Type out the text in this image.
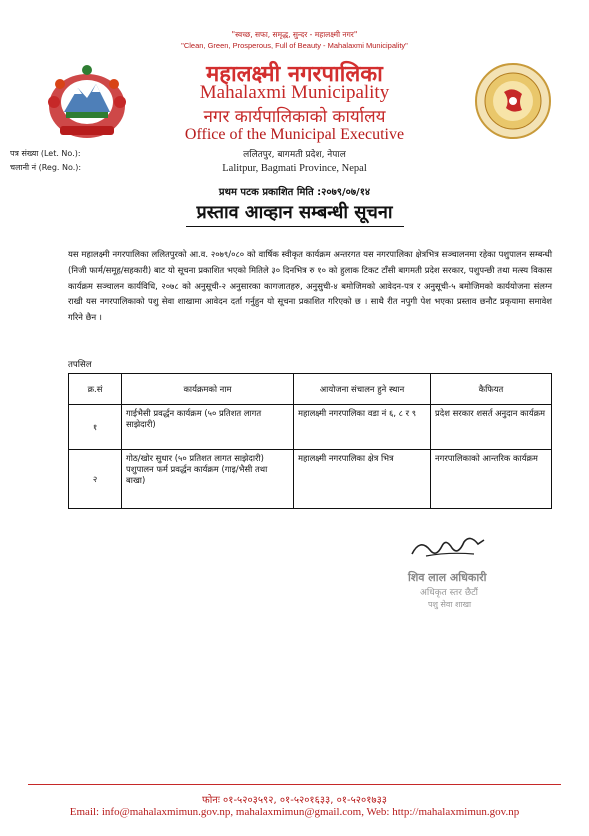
"स्वच्छ, सफा, समृद्ध, सुन्दर - महालक्ष्मी नगर"
"Clean, Green, Prosperous, Full of Beauty - Mahalaxmi Municipality"
महालक्ष्मी नगरपालिका
Mahalaxmi Municipality
नगर कार्यपालिकाको कार्यालय
Office of the Municipal Executive
ललितपुर, बागमती प्रदेश, नेपाल
Lalitpur, Bagmati Province, Nepal
पत्र संख्या (Let. No.):
चलानी नं (Reg. No.):
प्रथम पटक प्रकाशित मिति :२०७९/०७/१४
प्रस्ताव आव्हान सम्बन्धी सूचना
यस महालक्ष्मी नगरपालिका ललितपुरको आ.व. २०७९/०८० को वार्षिक स्वीकृत कार्यक्रम अन्तरगत यस नगरपालिका क्षेत्रभित्र सञ्चालनमा रहेका पशुपालन सम्बन्धी (निजी फार्म/समूह/सहकारी) बाट यो सूचना प्रकाशित भएको मितिले ३० दिनभित्र रु १० को हुलाक टिकट टाँसी बागमती प्रदेश सरकार, पशुपन्छी तथा मत्स्य विकास कार्यक्रम सञ्चालन कार्यविधि, २०७८ को अनुसूची-२ अनुसारका कागजातहरु, अनुसुची-४ बमोजिमको आवेदन-पत्र र अनुसूची-५ बमोजिमको कार्ययोजना संलग्न राखी यस नगरपालिकाको पशु सेवा शाखामा आवेदन दर्ता गर्नुहुन यो सूचना प्रकाशित गरिएको छ । साथै रीत नपुगी पेश भएका प्रस्ताव छनौट प्रकृयामा समावेश गरिने छैन ।
तपसिल
क्र.सं	कार्यक्रमको नाम	आयोजना संचालन हुने स्थान	कैफियत
१	गाईभैसी प्रवर्द्धन कार्यक्रम (५० प्रतिशत लागत साझेदारी)	महालक्ष्मी नगरपालिका वडा नं ६, ८ र ९	प्रदेश सरकार शसर्त अनुदान कार्यक्रम
२	गोठ/खोर सुधार (५० प्रतिशत लागत साझेदारी)
पशुपालन फर्म प्रवर्द्धन कार्यक्रम (गाइ/भैसी तथा बाखा)	महालक्ष्मी नगरपालिका क्षेत्र भित्र	नगरपालिकाको आन्तरिक कार्यक्रम
शिव लाल अधिकारी
अधिकृत स्तर छैटौं
पशु सेवा शाखा
फोनः ०१-५२०३५९२, ०१-५२०१६३३, ०१-५२०१७३३
Email: info@mahalaxmimun.gov.np, mahalaxmimun@gmail.com, Web: http://mahalaxmimun.gov.np
